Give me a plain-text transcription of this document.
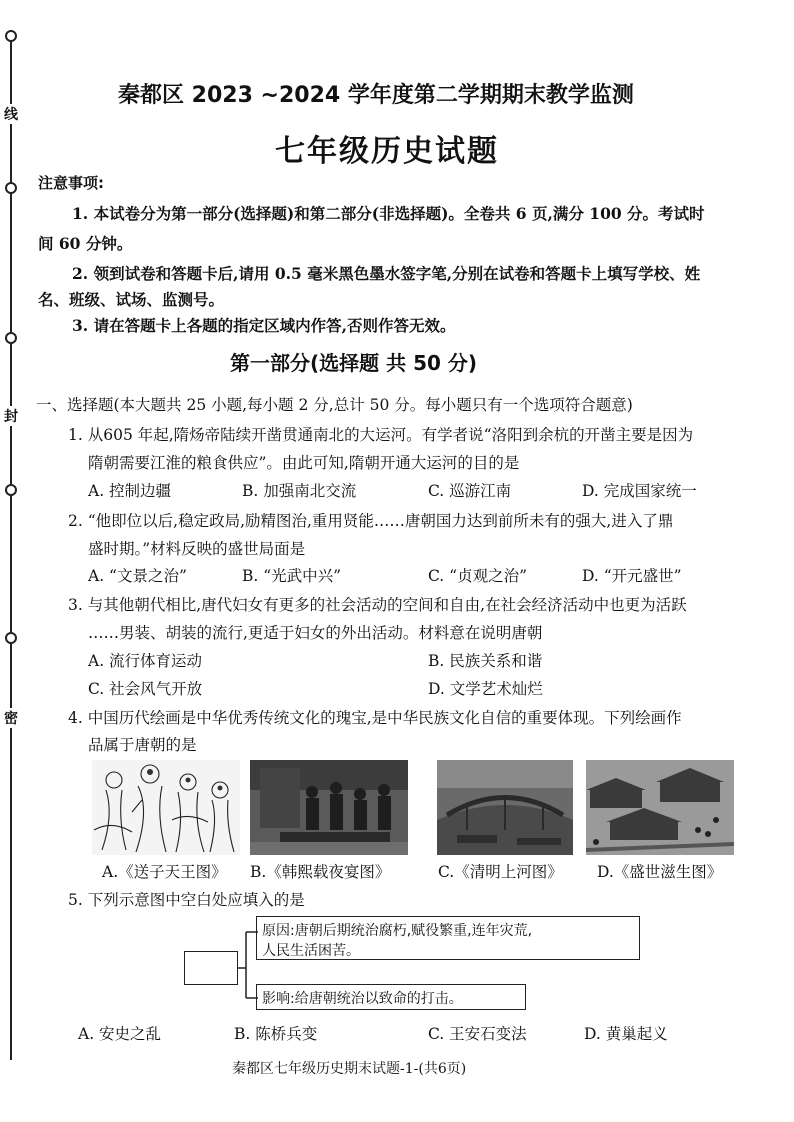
线
封
密
秦都区 2023 ~2024 学年度第二学期期末教学监测
七年级历史试题
注意事项:
1. 本试卷分为第一部分(选择题)和第二部分(非选择题)。全卷共 6 页,满分 100 分。考试时
间 60 分钟。
2. 领到试卷和答题卡后,请用 0.5 毫米黑色墨水签字笔,分别在试卷和答题卡上填写学校、姓
名、班级、试场、监测号。
3. 请在答题卡上各题的指定区域内作答,否则作答无效。
第一部分(选择题 共 50 分)
一、选择题(本大题共 25 小题,每小题 2 分,总计 50 分。每小题只有一个选项符合题意)
1. 从605 年起,隋炀帝陆续开凿贯通南北的大运河。有学者说“洛阳到余杭的开凿主要是因为
隋朝需要江淮的粮食供应”。由此可知,隋朝开通大运河的目的是
A. 控制边疆	B. 加强南北交流	C. 巡游江南	D. 完成国家统一
2. “他即位以后,稳定政局,励精图治,重用贤能……唐朝国力达到前所未有的强大,进入了鼎
盛时期。”材料反映的盛世局面是
A. “文景之治”	B. “光武中兴”	C. “贞观之治”	D. “开元盛世”
3. 与其他朝代相比,唐代妇女有更多的社会活动的空间和自由,在社会经济活动中也更为活跃
……男装、胡装的流行,更适于妇女的外出活动。材料意在说明唐朝
A. 流行体育运动	B. 民族关系和谐
C. 社会风气开放	D. 文学艺术灿烂
4. 中国历代绘画是中华优秀传统文化的瑰宝,是中华民族文化自信的重要体现。下列绘画作
品属于唐朝的是
A.《送子天王图》 B.《韩熙载夜宴图》	C.《清明上河图》 D.《盛世滋生图》
5. 下列示意图中空白处应填入的是
原因:唐朝后期统治腐朽,赋役繁重,连年灾荒,
人民生活困苦。
影响:给唐朝统治以致命的打击。
A. 安史之乱	B. 陈桥兵变	C. 王安石变法	D. 黄巢起义
秦都区七年级历史期末试题-1-(共6页)
